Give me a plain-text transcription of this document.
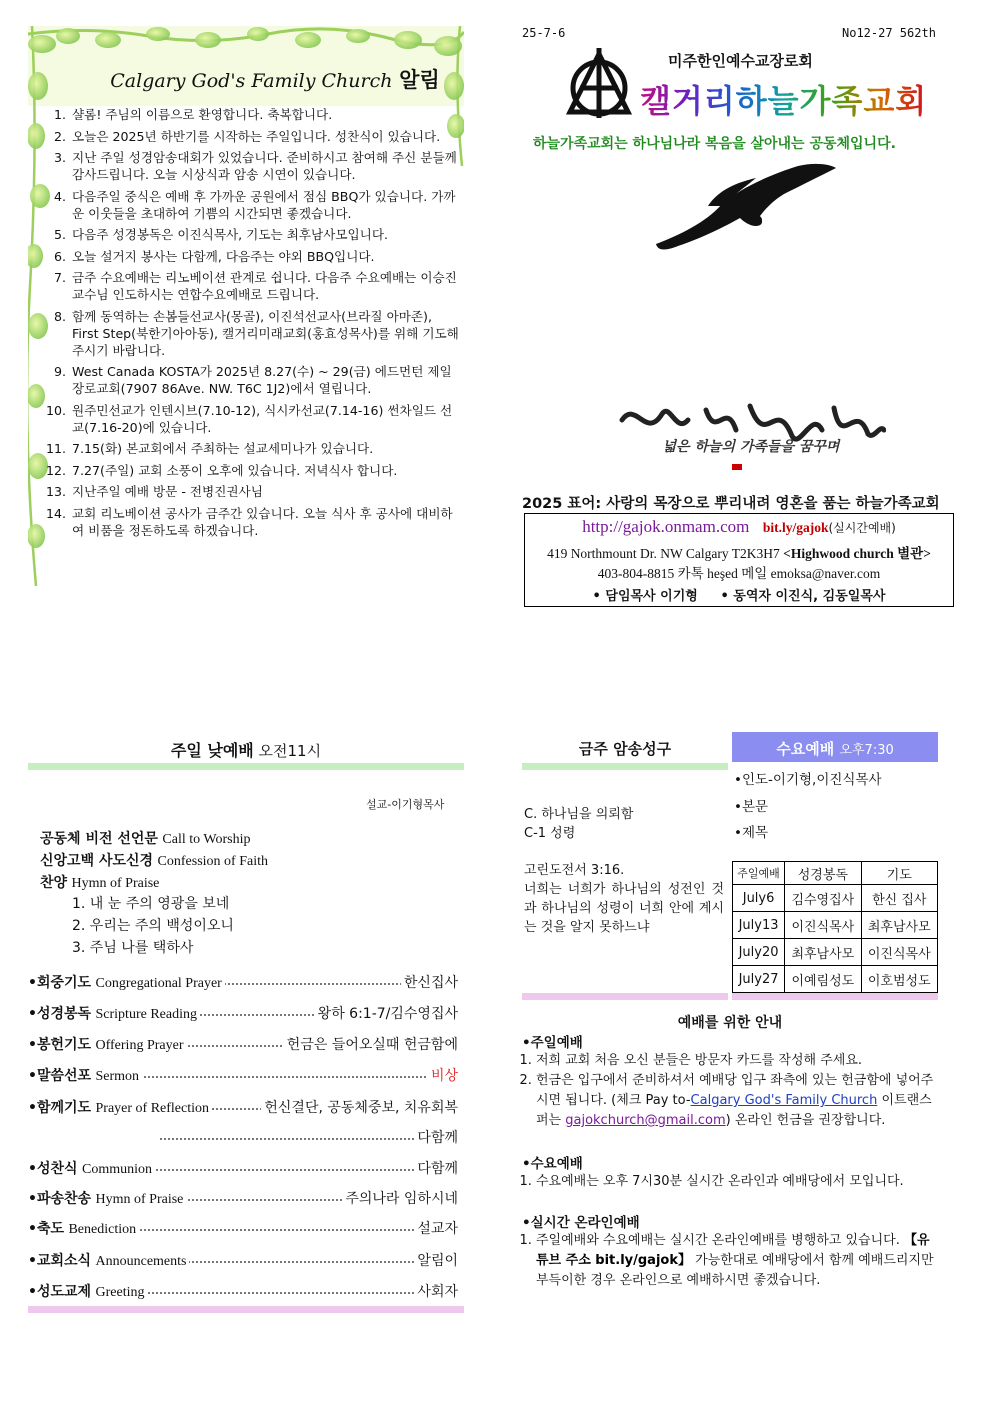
Calgary God's Family Church 알림
1. 샬롬! 주님의 이름으로 환영합니다. 축복합니다.
2. 오늘은 2025년 하반기를 시작하는 주일입니다. 성찬식이 있습니다.
3. 지난 주일 성경암송대회가 있었습니다. 준비하시고 참여해 주신 분들께 감사드립니다. 오늘 시상식과 암송 시연이 있습니다.
4. 다음주일 중식은 예배 후 가까운 공원에서 점심 BBQ가 있습니다. 가까운 이웃들을 초대하여 기쁨의 시간되면 좋겠습니다.
5. 다음주 성경봉독은 이진식목사, 기도는 최후남사모입니다.
6. 오늘 설거지 봉사는 다함께, 다음주는 야외 BBQ입니다.
7. 금주 수요예배는 리노베이션 관계로 쉽니다. 다음주 수요예배는 이승진교수님 인도하시는 연합수요예배로 드립니다.
8. 함께 동역하는 손봄들선교사(몽골), 이진석선교사(브라질 아마존), First Step(북한기아아동), 캘거리미래교회(홍효성목사)를 위해 기도해 주시기 바랍니다.
9. West Canada KOSTA가 2025년 8.27(수) ~ 29(금) 에드먼턴 제일 장로교회(7907 86Ave. NW. T6C 1J2)에서 열립니다.
10. 원주민선교가 인텐시브(7.10-12), 식시카선교(7.14-16) 썬차일드 선교(7.16-20)에 있습니다.
11. 7.15(화) 본교회에서 주최하는 설교세미나가 있습니다.
12. 7.27(주일) 교회 소풍이 오후에 있습니다. 저녁식사 합니다.
13. 지난주일 예배 방문 - 전병진권사님
14. 교회 리노베이션 공사가 금주간 있습니다. 오늘 식사 후 공사에 대비하여 비품을 정돈하도록 하겠습니다.
25-7-6	No12-27 562th
미주한인예수교장로회
캘거리하늘가족교회
하늘가족교회는 하나님나라 복음을 살아내는 공동체입니다.
넓은 하늘의 가족들을 꿈꾸며
2025 표어: 사랑의 목장으로 뿌리내려 영혼을 품는 하늘가족교회
http://gajok.onmam.com bit.ly/gajok(실시간예배)
419 Northmount Dr. NW Calgary T2K3H7 <Highwood church 별관>
403-804-8815 카톡 heşed 메일 emoksa@naver.com
• 담임목사 이기형 • 동역자 이진식, 김동일목사
주일 낮예배 오전11시
설교-이기형목사
공동체 비전 선언문 Call to Worship
신앙고백 사도신경 Confession of Faith
찬양 Hymn of Praise
1. 내 눈 주의 영광을 보네
2. 우리는 주의 백성이오니
3. 주님 나를 택하사
•회중기도 Congregational Prayer	한신집사
•성경봉독 Scripture Reading	왕하 6:1-7/김수영집사
•봉헌기도 Offering Prayer	헌금은 들어오실때 헌금함에
•말씀선포 Sermon	비상
•함께기도 Prayer of Reflection	헌신결단, 공동체중보, 치유회복
다함께
•성찬식 Communion	다함께
•파송찬송 Hymn of Praise	주의나라 임하시네
•축도 Benediction	설교자
•교회소식 Announcements	알림이
•성도교제 Greeting	사회자
금주 암송성구	수요예배 오후7:30
•인도-이기형,이진식목사
•본문
•제목
C. 하나님을 의뢰함
C-1 성령
고린도전서 3:16.
너희는 너희가 하나님의 성전인 것과 하나님의 성령이 너희 안에 계시는 것을 알지 못하느냐
주일예배	성경봉독	기도
July6	김수영집사	한신 집사
July13	이진식목사	최후남사모
July20	최후남사모	이진식목사
July27	이예림성도	이호범성도
예배를 위한 안내
•주일예배
1. 저희 교회 처음 오신 분들은 방문자 카드를 작성해 주세요.
2. 헌금은 입구에서 준비하셔서 예배당 입구 좌측에 있는 헌금함에 넣어주시면 됩니다. (체크 Pay to-Calgary God's Family Church 이트랜스퍼는 gajokchurch@gmail.com) 온라인 헌금을 권장합니다.
•수요예배
1. 수요예배는 오후 7시30분 실시간 온라인과 예배당에서 모입니다.
•실시간 온라인예배
1. 주일예배와 수요예배는 실시간 온라인예배를 병행하고 있습니다. 【유튜브 주소 bit.ly/gajok】 가능한대로 예배당에서 함께 예배드리지만 부득이한 경우 온라인으로 예배하시면 좋겠습니다.
